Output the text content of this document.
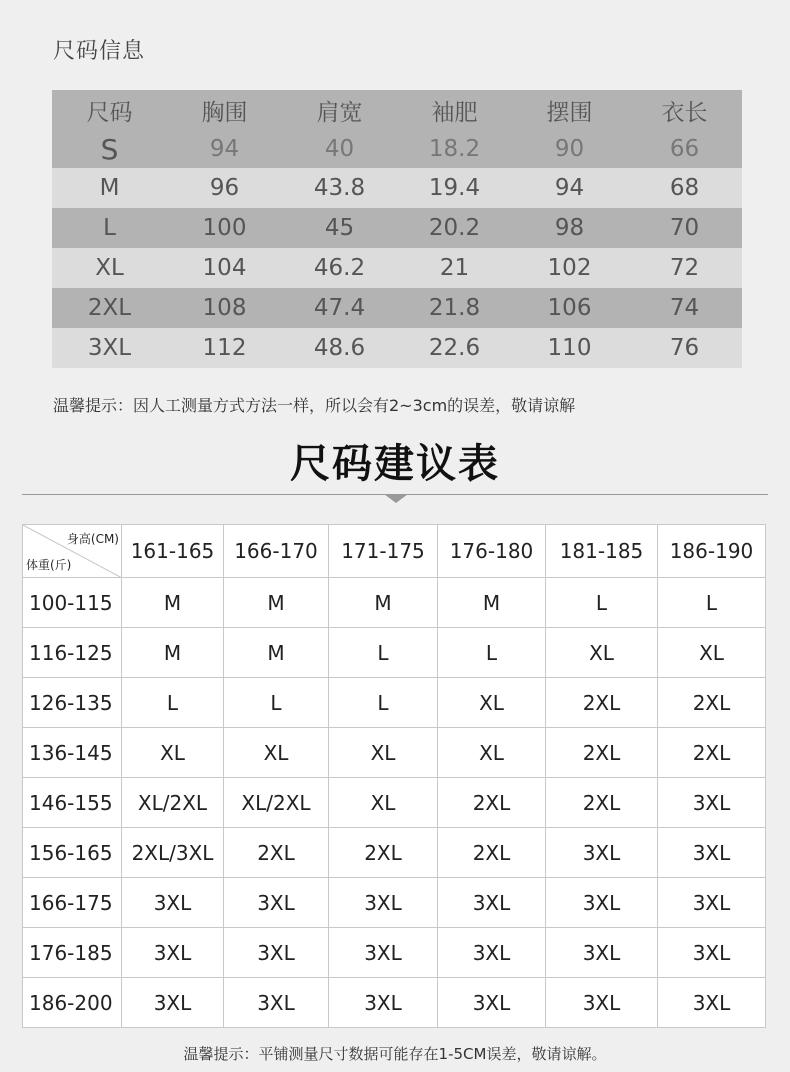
尺码信息
尺码	胸围	肩宽	袖肥	摆围	衣长
S	94	40	18.2	90	66
M	96	43.8	19.4	94	68
L	100	45	20.2	98	70
XL	104	46.2	21	102	72
2XL	108	47.4	21.8	106	74
3XL	112	48.6	22.6	110	76
温馨提示：因人工测量方式方法一样，所以会有2~3cm的误差，敬请谅解
尺码建议表
身高(CM)
体重(斤)	161-165	166-170	171-175	176-180	181-185	186-190
100-115	M	M	M	M	L	L
116-125	M	M	L	L	XL	XL
126-135	L	L	L	XL	2XL	2XL
136-145	XL	XL	XL	XL	2XL	2XL
146-155	XL/2XL	XL/2XL	XL	2XL	2XL	3XL
156-165	2XL/3XL	2XL	2XL	2XL	3XL	3XL
166-175	3XL	3XL	3XL	3XL	3XL	3XL
176-185	3XL	3XL	3XL	3XL	3XL	3XL
186-200	3XL	3XL	3XL	3XL	3XL	3XL
温馨提示：平铺测量尺寸数据可能存在1-5CM误差，敬请谅解。
